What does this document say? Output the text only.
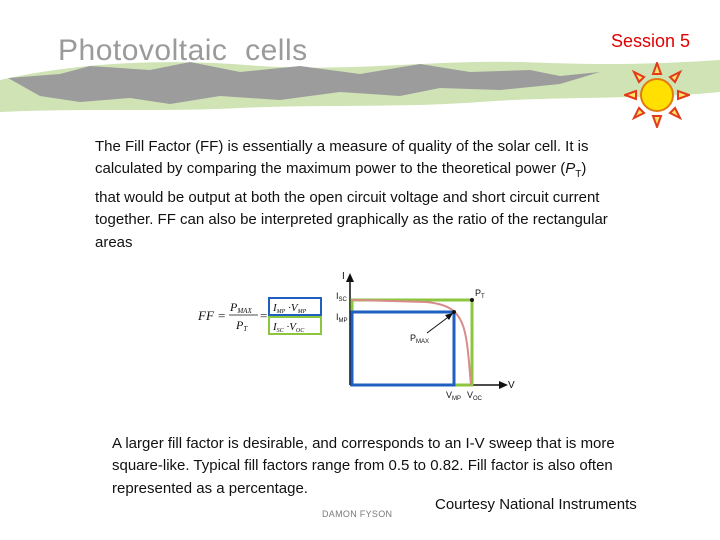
Photovoltaic  cells	Session 5
The Fill Factor (FF) is essentially a measure of quality of the solar cell. It is calculated by comparing the maximum power to the theoretical power $(P_T)$ that would be output at both the open circuit voltage and short circuit current together. FF can also be interpreted graphically as the ratio of the rectangular areas
FF =
PMAX
PT
= IMP ·VMP
ISC ·VOC
I
V
$I_{SC}$
$I_{MP}$
$P_T$
$P_{MAX}$
$V_{MP}$ $V_{OC}$
A larger fill factor is desirable, and corresponds to an I-V sweep that is more square-like. Typical fill factors range from 0.5 to 0.82. Fill factor is also often represented as a percentage.
Courtesy National Instruments
DAMON FYSON
